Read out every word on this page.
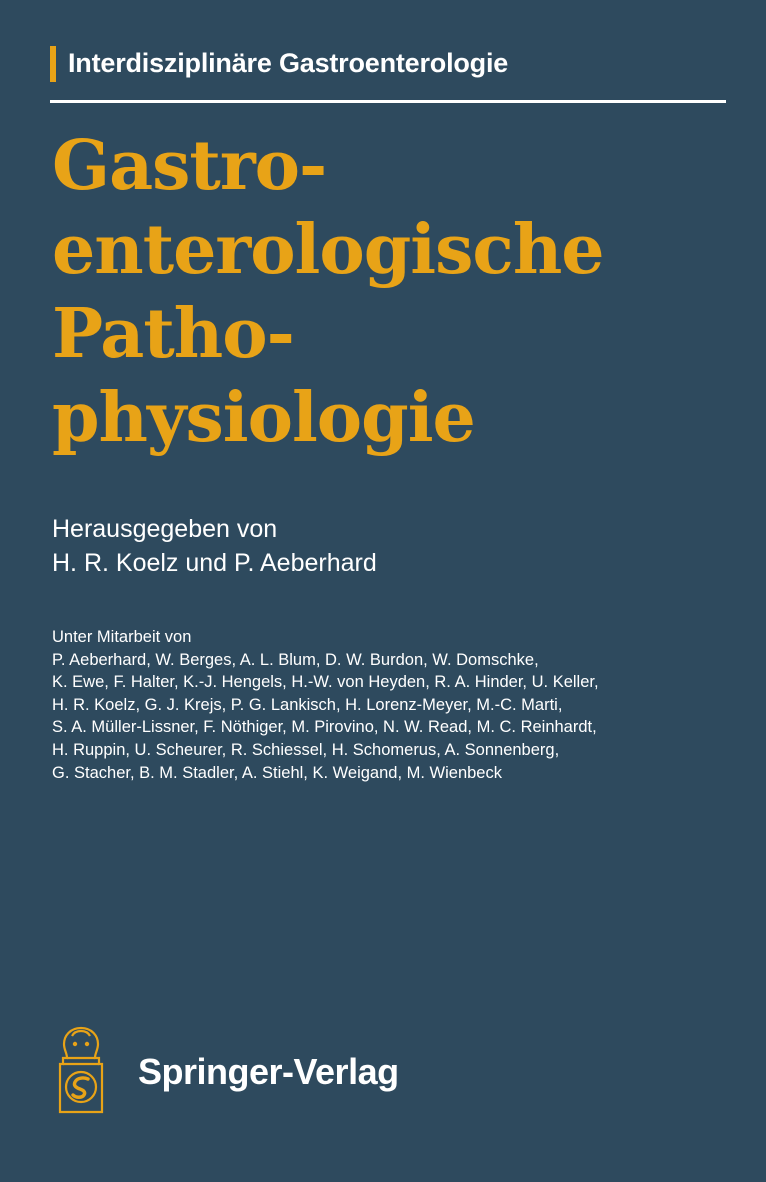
Interdisziplinäre Gastroenterologie
Gastro-
enterologische
Patho-
physiologie
Herausgegeben von
H. R. Koelz und P. Aeberhard
Unter Mitarbeit von
P. Aeberhard, W. Berges, A. L. Blum, D. W. Burdon, W. Domschke,
K. Ewe, F. Halter, K.-J. Hengels, H.-W. von Heyden, R. A. Hinder, U. Keller,
H. R. Koelz, G. J. Krejs, P. G. Lankisch, H. Lorenz-Meyer, M.-C. Marti,
S. A. Müller-Lissner, F. Nöthiger, M. Pirovino, N. W. Read, M. C. Reinhardt,
H. Ruppin, U. Scheurer, R. Schiessel, H. Schomerus, A. Sonnenberg,
G. Stacher, B. M. Stadler, A. Stiehl, K. Weigand, M. Wienbeck
Springer-Verlag
